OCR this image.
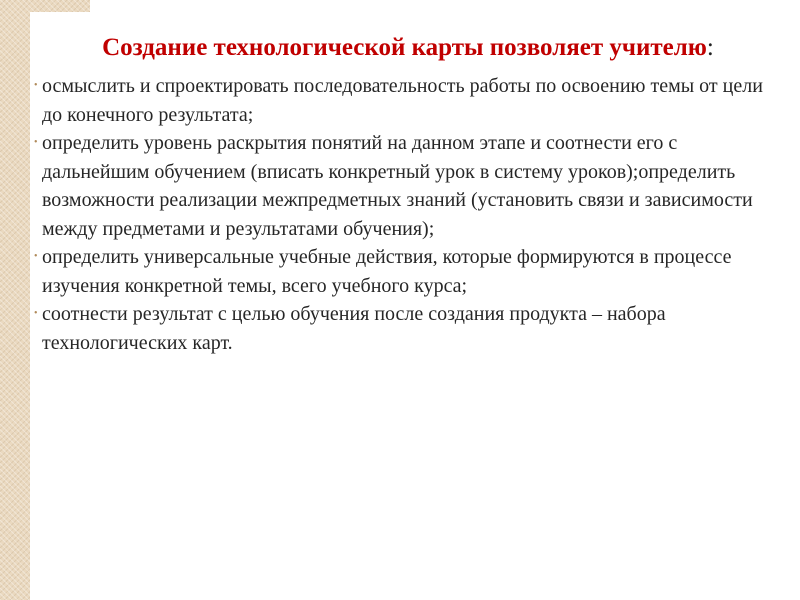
Создание технологической карты позволяет учителю:
• осмыслить и спроектировать последовательность работы по освоению темы от цели до конечного результата;
• определить уровень раскрытия понятий на данном этапе и соотнести его с дальнейшим обучением (вписать конкретный урок в систему уроков);определить возможности реализации межпредметных знаний (установить связи и зависимости между предметами и результатами обучения);
• определить универсальные учебные действия, которые формируются в процессе изучения конкретной темы, всего учебного курса;
• соотнести результат с целью обучения после создания продукта – набора технологических карт.
